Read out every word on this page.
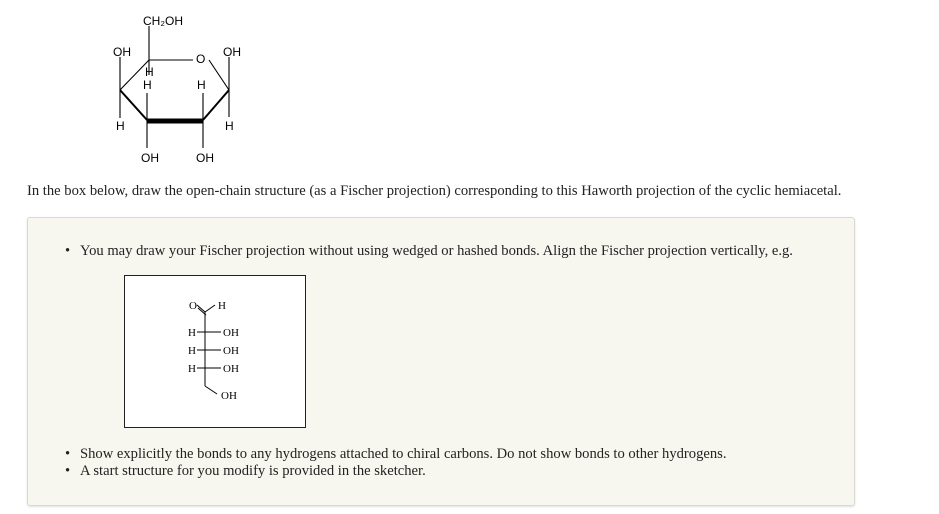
CH₂OH
OH	O OH
H
H	H
H	H
OH	OH
In the box below, draw the open-chain structure (as a Fischer projection) corresponding to this Haworth projection of the cyclic hemiacetal.
• You may draw your Fischer projection without using wedged or hashed bonds. Align the Fischer projection vertically, e.g.
O H
H OH
H OH
H OH
OH
• Show explicitly the bonds to any hydrogens attached to chiral carbons. Do not show bonds to other hydrogens.
• A start structure for you modify is provided in the sketcher.
